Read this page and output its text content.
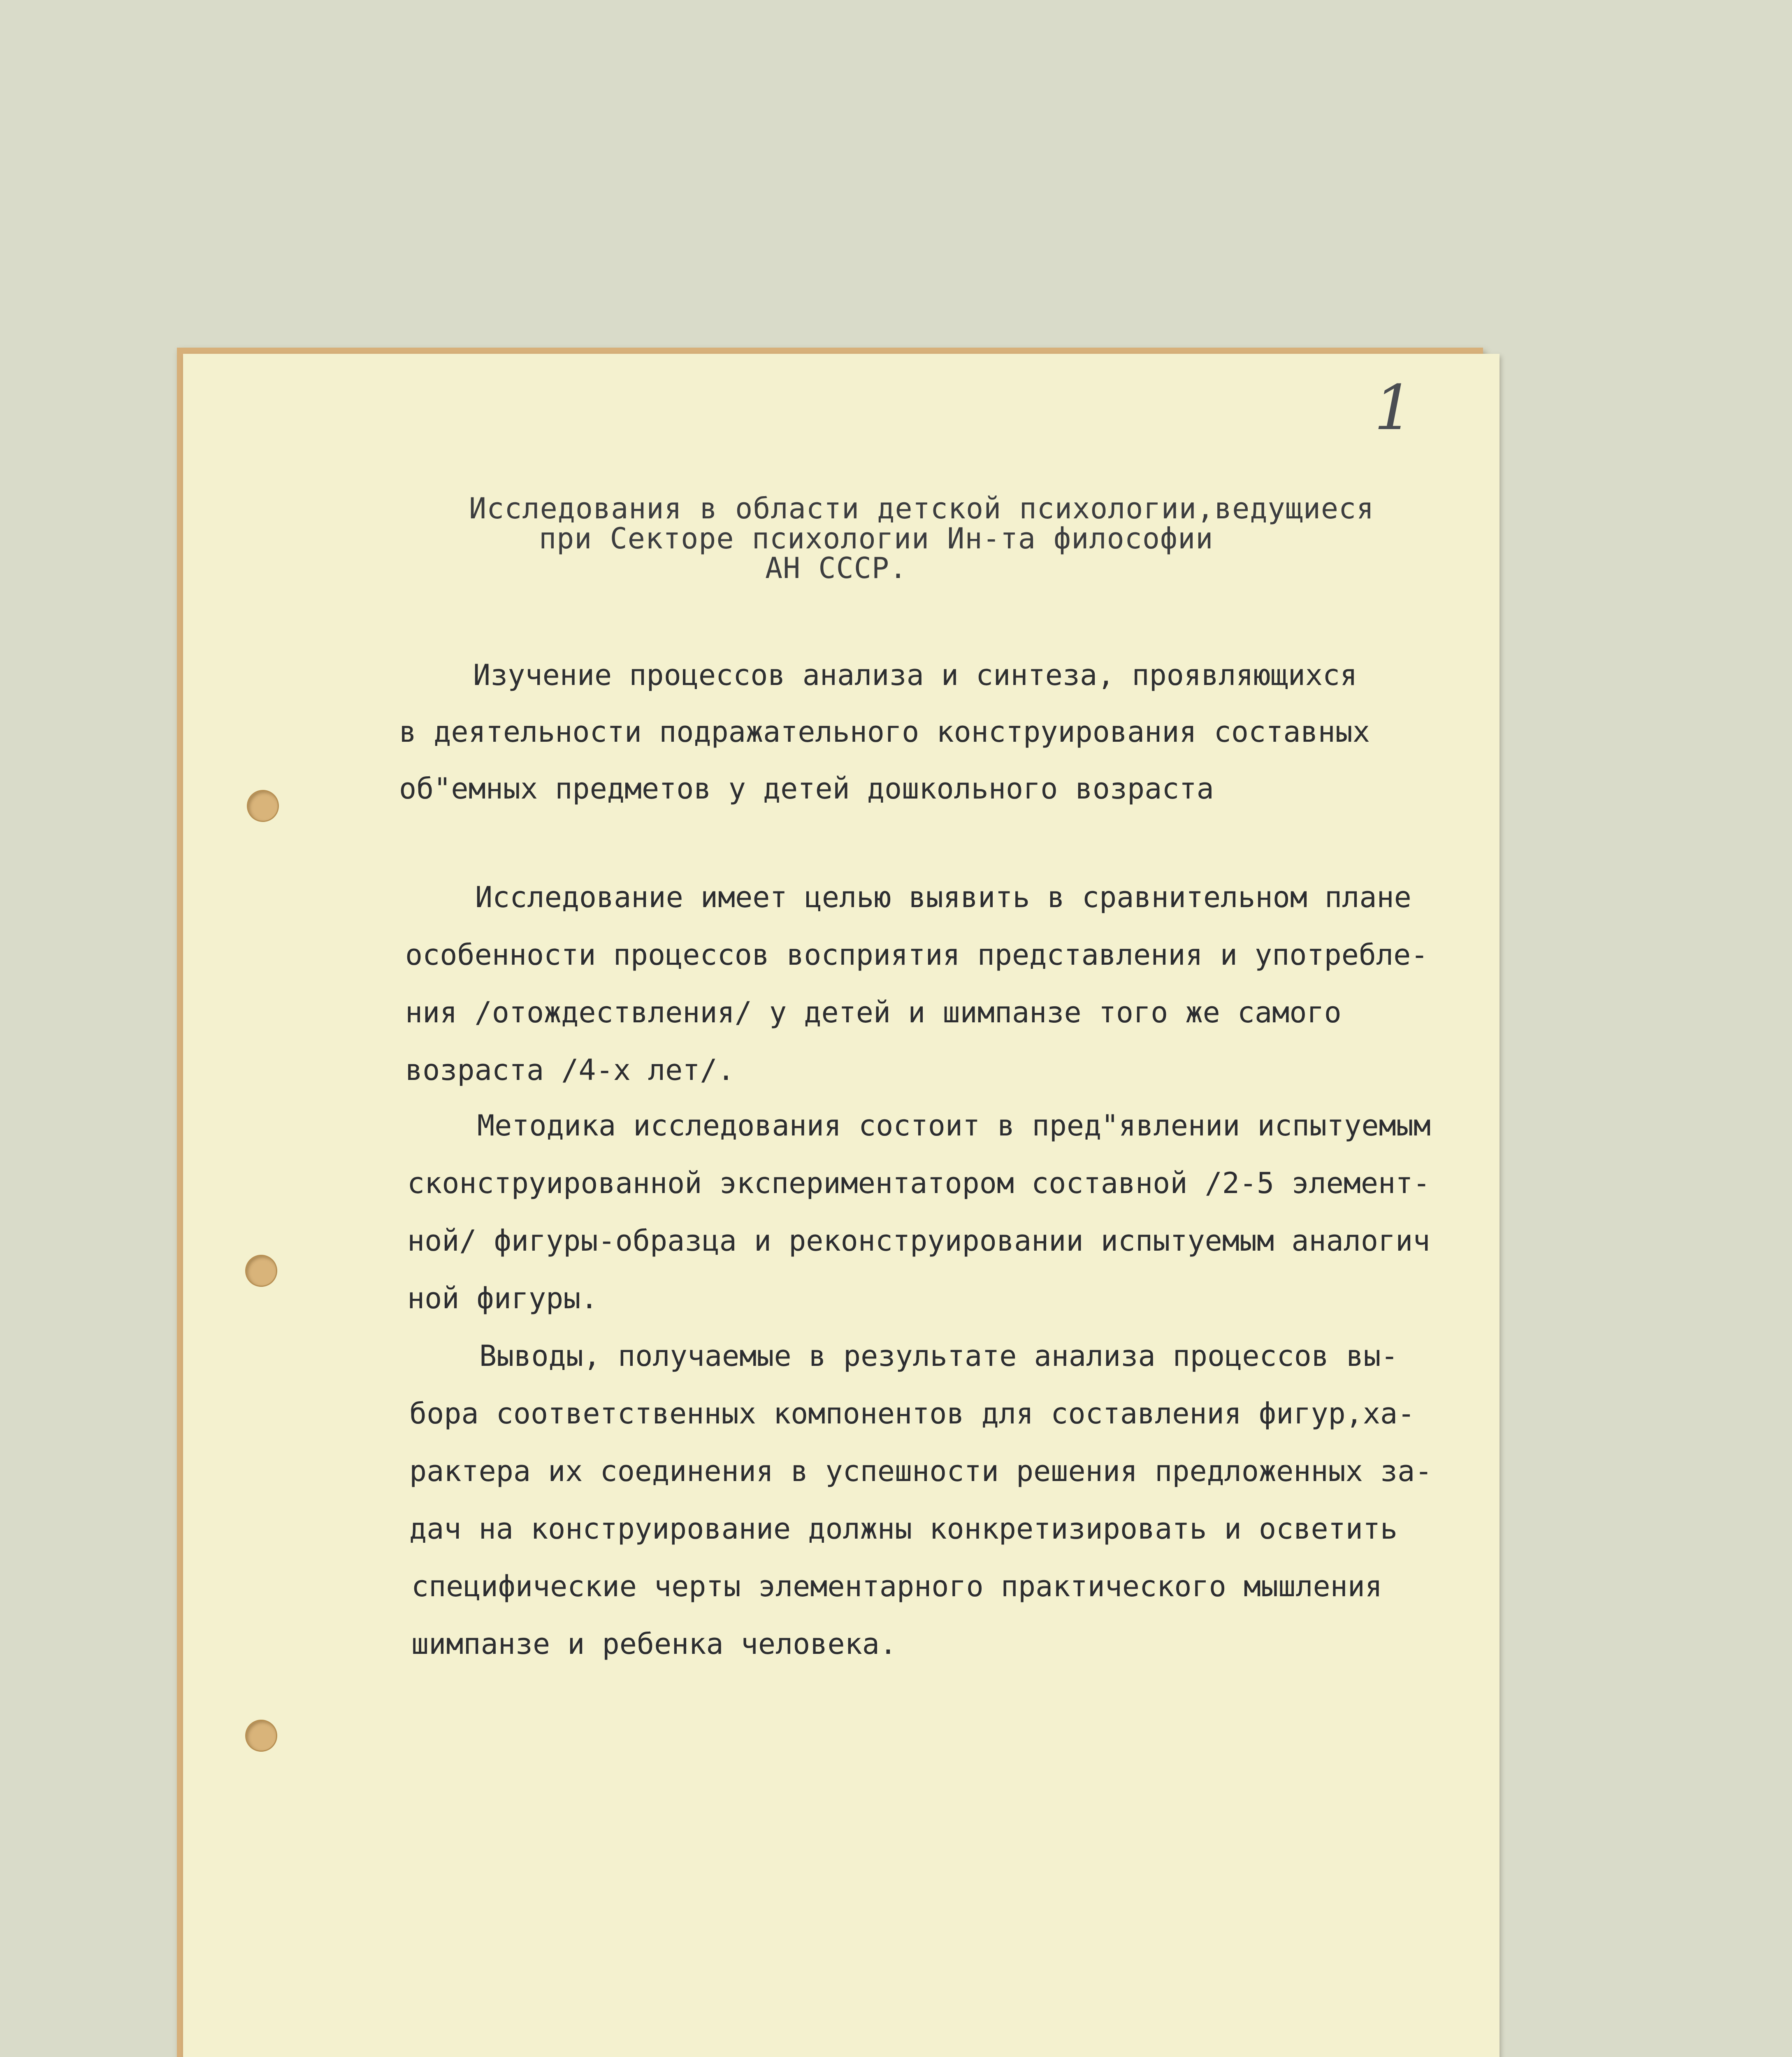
1

Исследования в области детской психологии,ведущиеся

при Секторе психологии Ин-та философии

АН СССР.

Изучение процессов анализа и синтеза, проявляющихся

в деятельности подражательного конструирования составных

об"емных предметов у детей дошкольного возраста

Исследование имеет целью выявить в сравнительном плане

особенности процессов восприятия представления и употребле-

ния /отождествления/ у детей и шимпанзе того же самого

возраста /4-х лет/.

Методика исследования состоит в пред"явлении испытуемым

сконструированной экспериментатором составной /2-5 элемент-

ной/ фигуры-образца и реконструировании испытуемым аналогич

ной фигуры.

Выводы, получаемые в результате анализа процессов вы-

бора соответственных компонентов для составления фигур,ха-

рактера их соединения в успешности решения предложенных за-

дач на конструирование должны конкретизировать и осветить

специфические черты элементарного практического мышления

шимпанзе и ребенка человека.
